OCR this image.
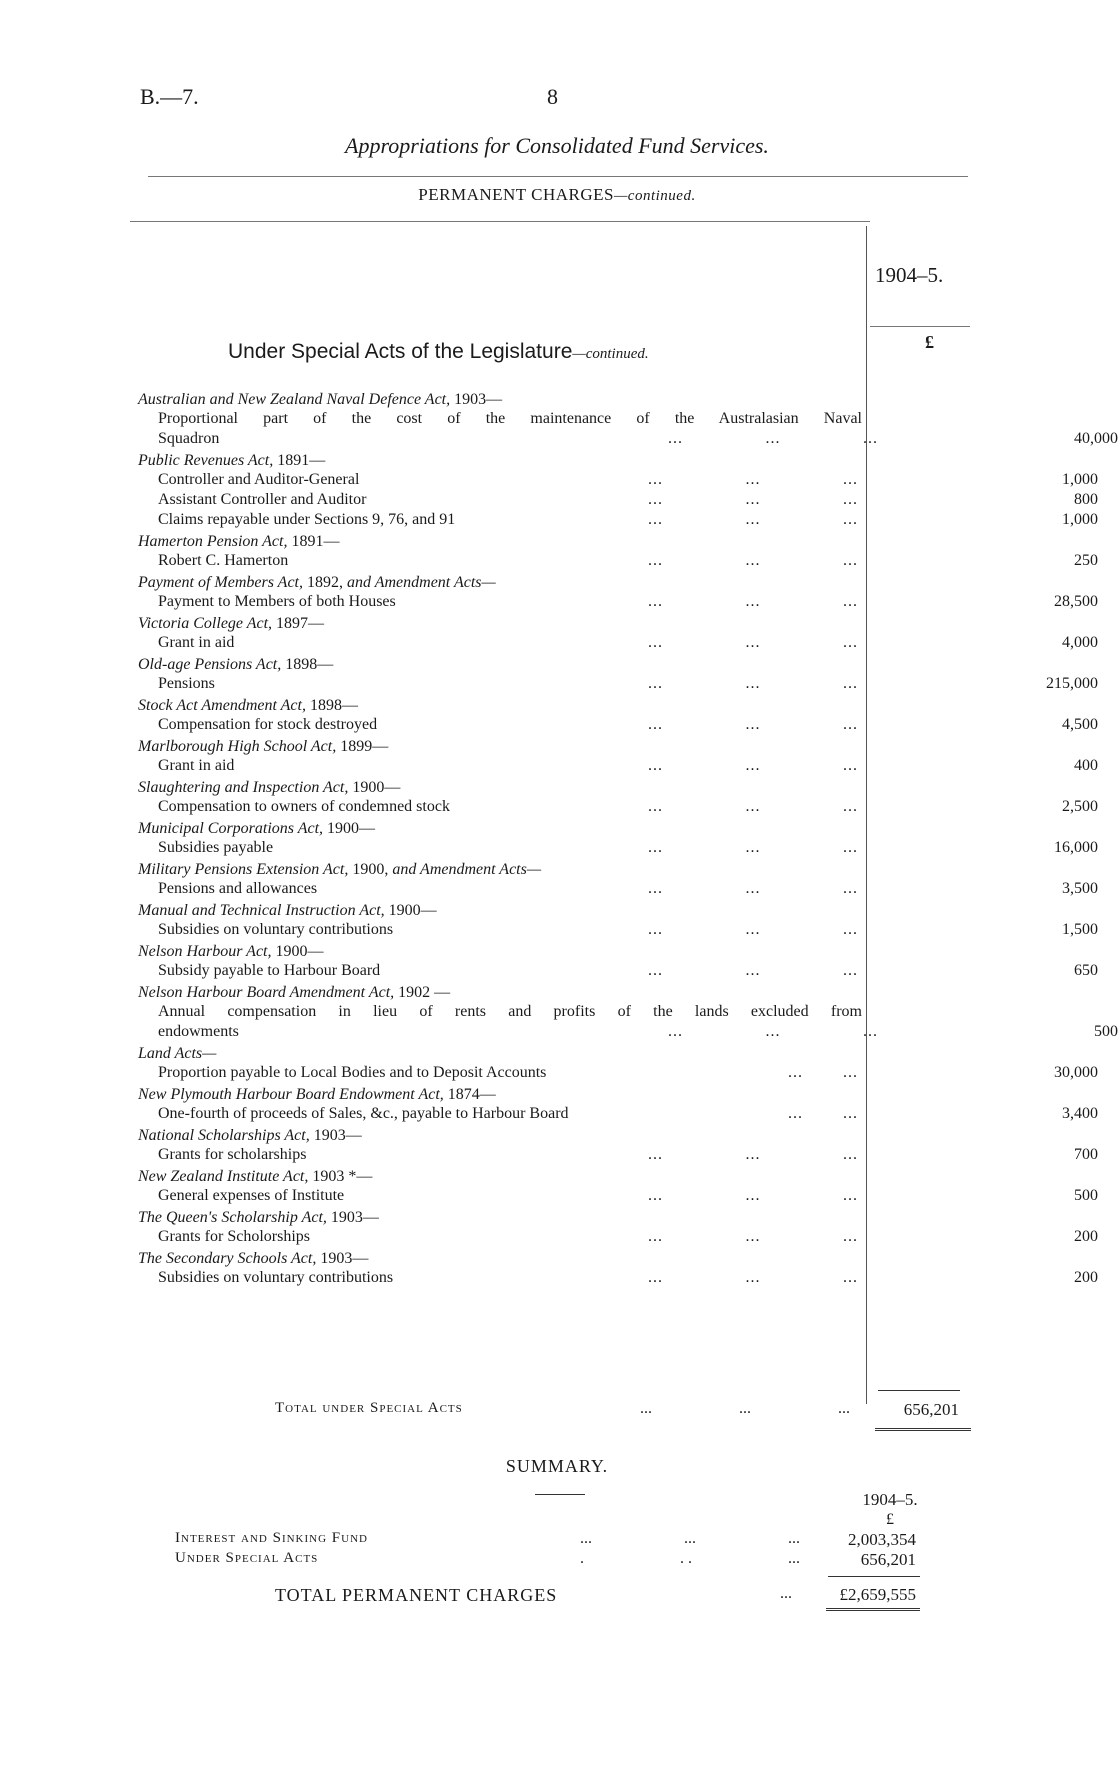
B.—7.	8
Appropriations for Consolidated Fund Services.
PERMANENT CHARGES—continued.
1904–5.
£
Under Special Acts of the Legislature—continued.
Australian and New Zealand Naval Defence Act, 1903—
Proportional part of the cost of the maintenance of the Australasian Naval
Squadron	...	...	...	40,000
Public Revenues Act, 1891—
Controller and Auditor-General	...	...	...	1,000
Assistant Controller and Auditor	...	...	...	800
Claims repayable under Sections 9, 76, and 91	...	...	...	1,000
Hamerton Pension Act, 1891—
Robert C. Hamerton	...	...	...	250
Payment of Members Act, 1892, and Amendment Acts—
Payment to Members of both Houses	...	...	...	28,500
Victoria College Act, 1897—
Grant in aid	...	...	...	4,000
Old-age Pensions Act, 1898—
Pensions	...	...	...	215,000
Stock Act Amendment Act, 1898—
Compensation for stock destroyed	...	...	...	4,500
Marlborough High School Act, 1899—
Grant in aid	...	...	...	400
Slaughtering and Inspection Act, 1900—
Compensation to owners of condemned stock	...	...	...	2,500
Municipal Corporations Act, 1900—
Subsidies payable	...	...	...	16,000
Military Pensions Extension Act, 1900, and Amendment Acts—
Pensions and allowances	...	...	...	3,500
Manual and Technical Instruction Act, 1900—
Subsidies on voluntary contributions	...	...	...	1,500
Nelson Harbour Act, 1900—
Subsidy payable to Harbour Board	...	...	...	650
Nelson Harbour Board Amendment Act, 1902 —
Annual compensation in lieu of rents and profits of the lands excluded from
endowments	...	...	...	500
Land Acts—
Proportion payable to Local Bodies and to Deposit Accounts	...	...	30,000
New Plymouth Harbour Board Endowment Act, 1874—
One-fourth of proceeds of Sales, &c., payable to Harbour Board	...	...	3,400
National Scholarships Act, 1903—
Grants for scholarships	...	...	...	700
New Zealand Institute Act, 1903 *—
General expenses of Institute	...	...	...	500
The Queen's Scholarship Act, 1903—
Grants for Scholorships	...	...	...	200
The Secondary Schools Act, 1903—
Subsidies on voluntary contributions	...	...	...	200
Total under Special Acts	...	...	...	656,201
SUMMARY.
1904–5.
£
Interest and Sinking Fund	...	...	...	2,003,354
Under Special Acts	.	. .	...	656,201
TOTAL PERMANENT CHARGES	...	£2,659,555
